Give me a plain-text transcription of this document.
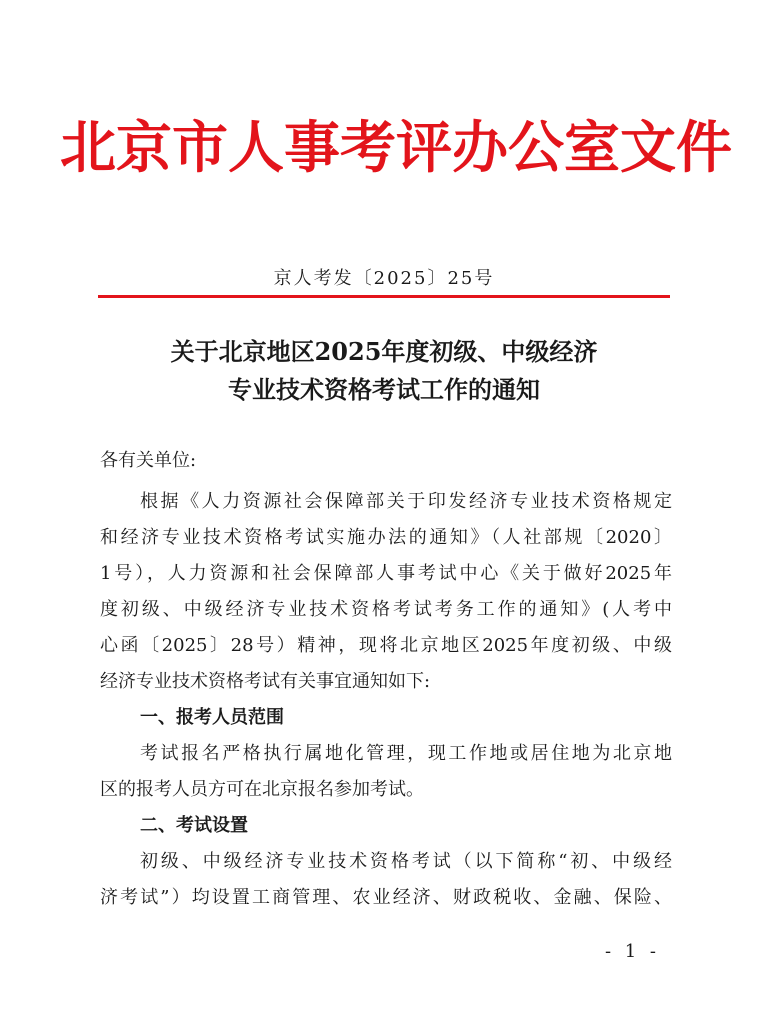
北京市人事考评办公室文件
京人考发〔2025〕25号
关于北京地区2025年度初级、中级经济
专业技术资格考试工作的通知
各有关单位:
根据《人力资源社会保障部关于印发经济专业技术资格规定
和经济专业技术资格考试实施办法的通知》（人社部规〔2020〕
1号），人力资源和社会保障部人事考试中心《关于做好2025年
度初级、中级经济专业技术资格考试考务工作的通知》(人考中
心函〔2025〕28号）精神，现将北京地区2025年度初级、中级
经济专业技术资格考试有关事宜通知如下:
一、报考人员范围
考试报名严格执行属地化管理，现工作地或居住地为北京地
区的报考人员方可在北京报名参加考试。
二、考试设置
初级、中级经济专业技术资格考试（以下简称“初、中级经
济考试”）均设置工商管理、农业经济、财政税收、金融、保险、
- 1 -
